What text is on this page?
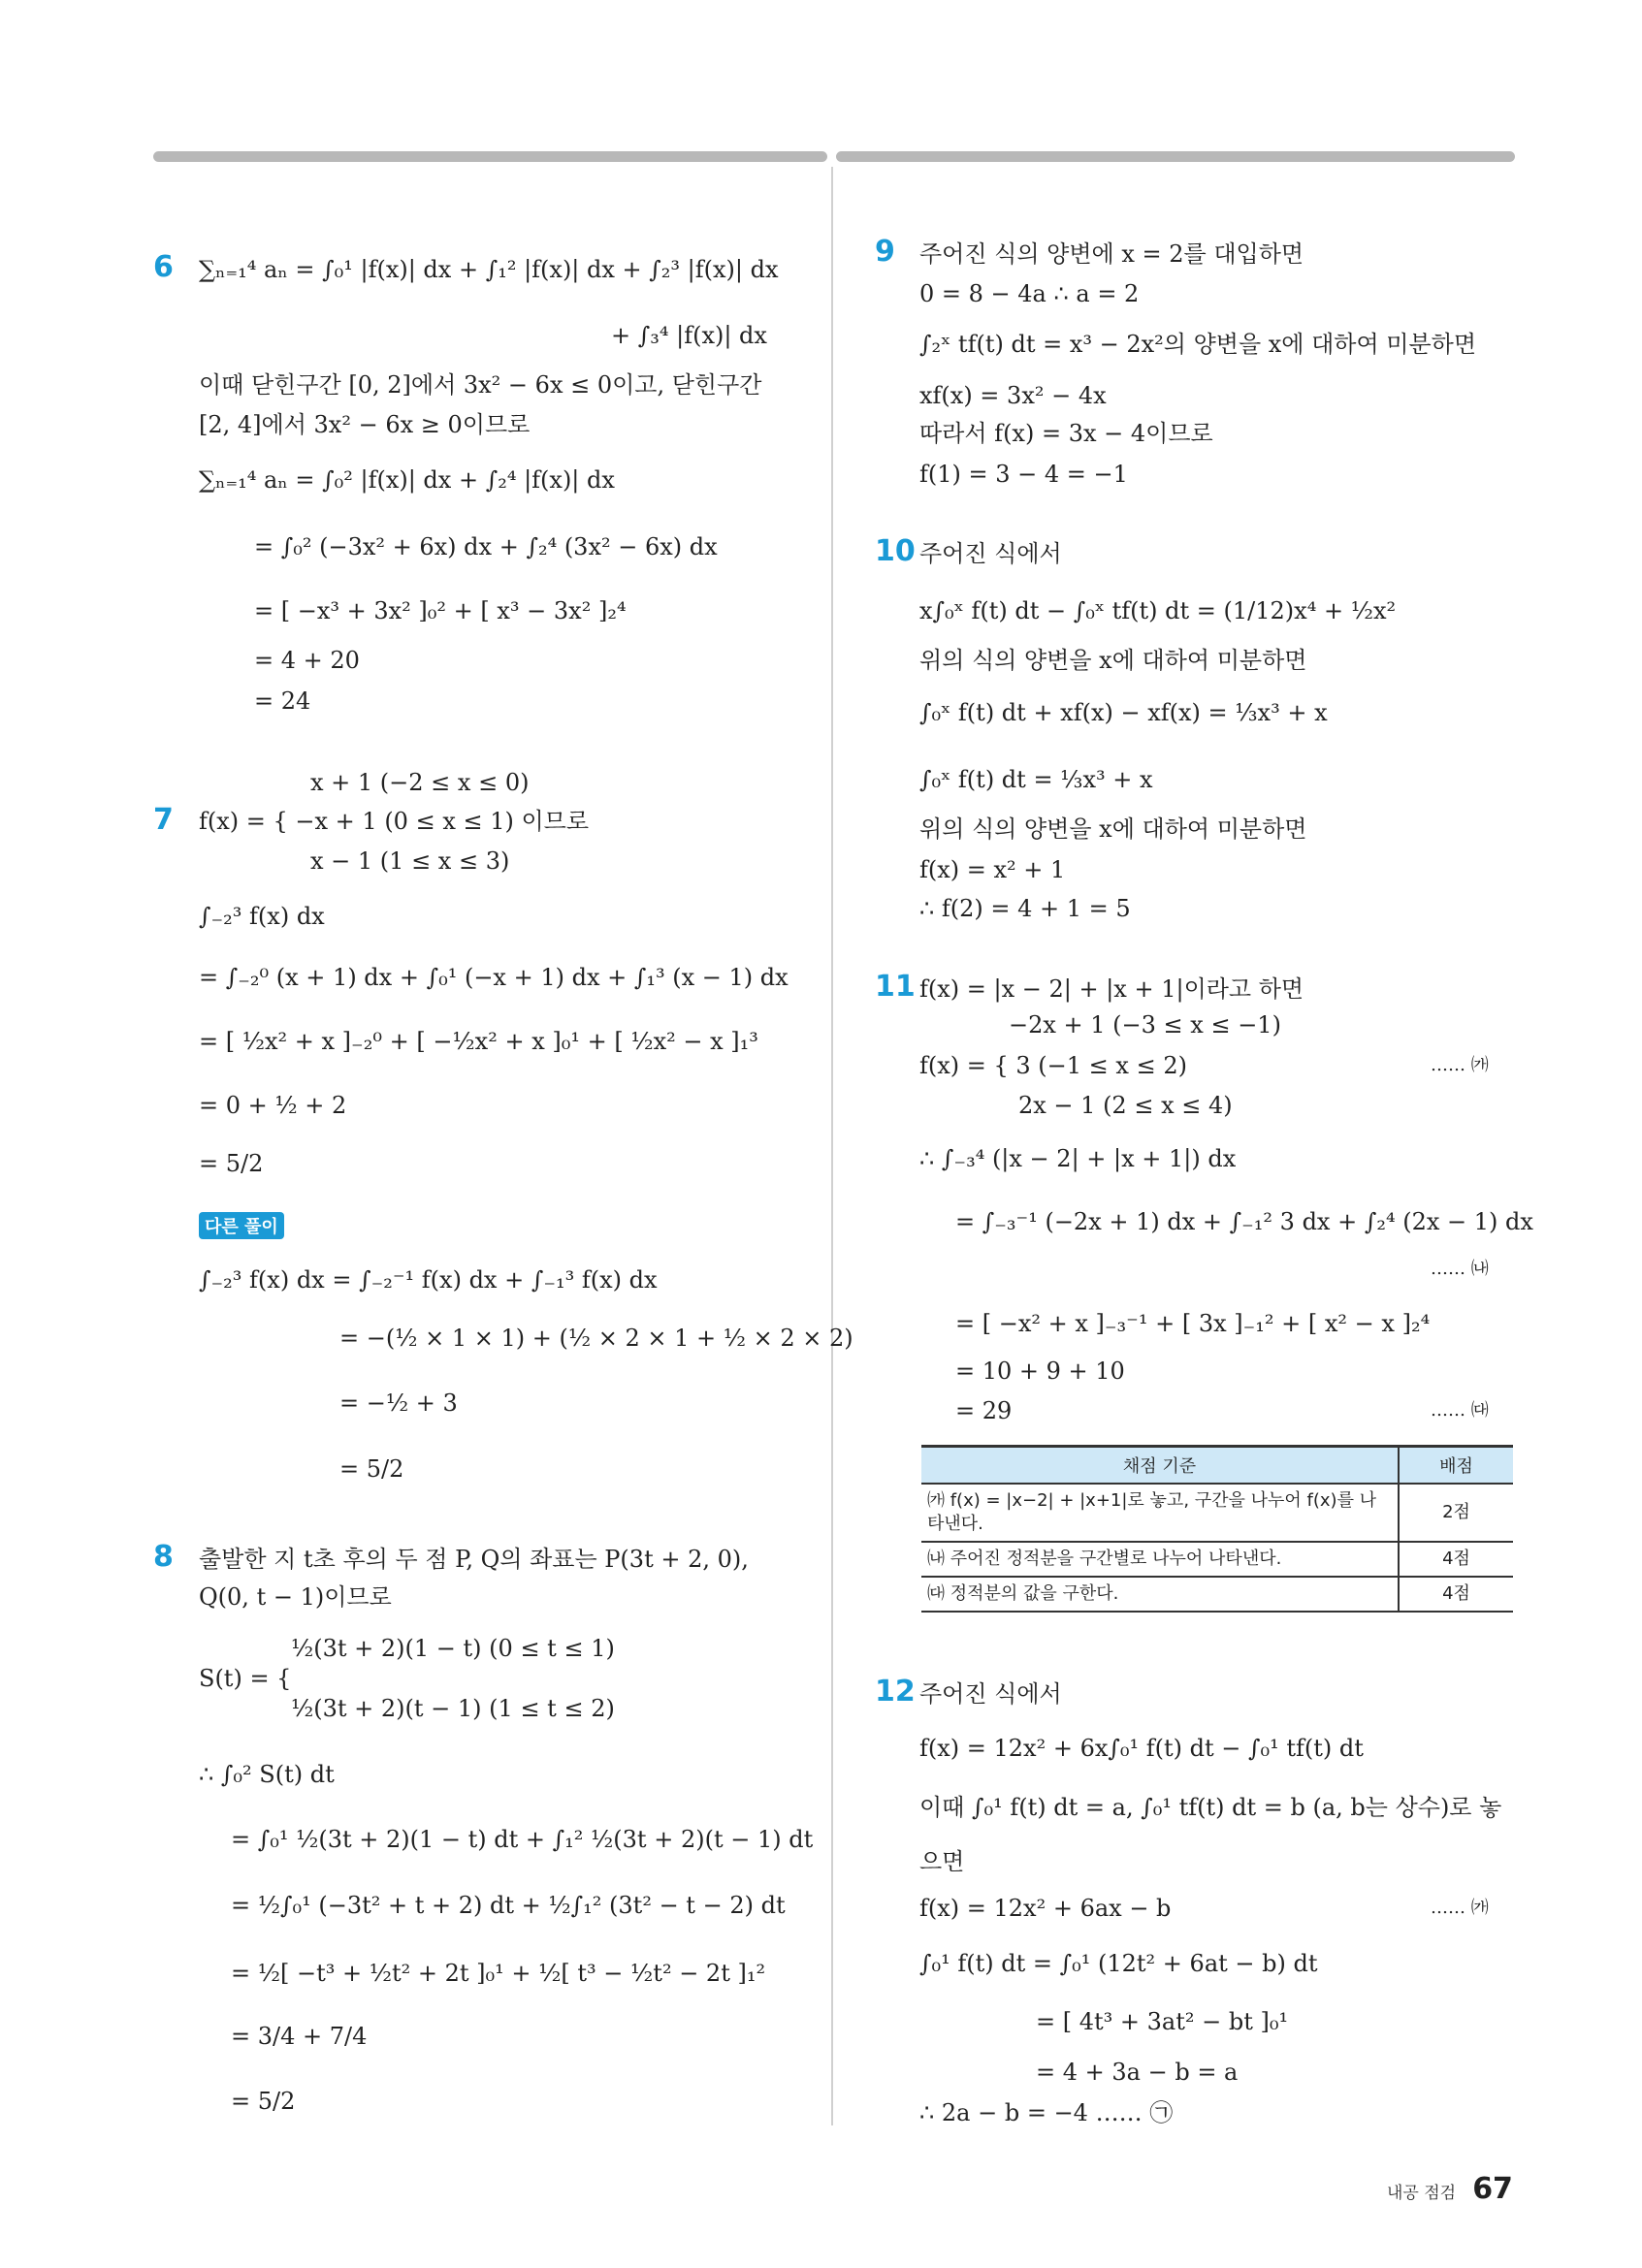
6 ∑ₙ₌₁⁴ aₙ = ∫₀¹ |f(x)| dx + ∫₁² |f(x)| dx + ∫₂³ |f(x)| dx
+ ∫₃⁴ |f(x)| dx
이때 닫힌구간 [0, 2]에서 3x² − 6x ≤ 0이고, 닫힌구간
[2, 4]에서 3x² − 6x ≥ 0이므로
∑ₙ₌₁⁴ aₙ = ∫₀² |f(x)| dx + ∫₂⁴ |f(x)| dx
= ∫₀² (−3x² + 6x) dx + ∫₂⁴ (3x² − 6x) dx
= [ −x³ + 3x² ]₀² + [ x³ − 3x² ]₂⁴
= 4 + 20
= 24
7
x + 1 (−2 ≤ x ≤ 0)
f(x) = { −x + 1 (0 ≤ x ≤ 1) 이므로
x − 1 (1 ≤ x ≤ 3)
∫₋₂³ f(x) dx
= ∫₋₂⁰ (x + 1) dx + ∫₀¹ (−x + 1) dx + ∫₁³ (x − 1) dx
= [ ½x² + x ]₋₂⁰ + [ −½x² + x ]₀¹ + [ ½x² − x ]₁³
= 0 + ½ + 2
= 5/2
다른 풀이
∫₋₂³ f(x) dx = ∫₋₂⁻¹ f(x) dx + ∫₋₁³ f(x) dx
= −(½ × 1 × 1) + (½ × 2 × 1 + ½ × 2 × 2)
= −½ + 3
= 5/2
8 출발한 지 t초 후의 두 점 P, Q의 좌표는 P(3t + 2, 0),
Q(0, t − 1)이므로
½(3t + 2)(1 − t) (0 ≤ t ≤ 1)
S(t) = {
½(3t + 2)(t − 1) (1 ≤ t ≤ 2)
∴ ∫₀² S(t) dt
= ∫₀¹ ½(3t + 2)(1 − t) dt + ∫₁² ½(3t + 2)(t − 1) dt
= ½∫₀¹ (−3t² + t + 2) dt + ½∫₁² (3t² − t − 2) dt
= ½[ −t³ + ½t² + 2t ]₀¹ + ½[ t³ − ½t² − 2t ]₁²
= 3/4 + 7/4
= 5/2
9 주어진 식의 양변에 x = 2를 대입하면
0 = 8 − 4a ∴ a = 2
∫₂ˣ tf(t) dt = x³ − 2x²의 양변을 x에 대하여 미분하면
xf(x) = 3x² − 4x
따라서 f(x) = 3x − 4이므로
f(1) = 3 − 4 = −1
10 주어진 식에서
x∫₀ˣ f(t) dt − ∫₀ˣ tf(t) dt = (1/12)x⁴ + ½x²
위의 식의 양변을 x에 대하여 미분하면
∫₀ˣ f(t) dt + xf(x) − xf(x) = ⅓x³ + x
∫₀ˣ f(t) dt = ⅓x³ + x
위의 식의 양변을 x에 대하여 미분하면
f(x) = x² + 1
∴ f(2) = 4 + 1 = 5
11 f(x) = |x − 2| + |x + 1|이라고 하면
−2x + 1 (−3 ≤ x ≤ −1)
f(x) = { 3 (−1 ≤ x ≤ 2)
2x − 1 (2 ≤ x ≤ 4)
∴ ∫₋₃⁴ (|x − 2| + |x + 1|) dx
= ∫₋₃⁻¹ (−2x + 1) dx + ∫₋₁² 3 dx + ∫₂⁴ (2x − 1) dx
= [ −x² + x ]₋₃⁻¹ + [ 3x ]₋₁² + [ x² − x ]₂⁴
= 10 + 9 + 10
= 29
…… ㈎
…… ㈏
…… ㈐
채점 기준	배점
㈎ f(x) = |x−2| + |x+1|로 놓고, 구간을 나누어 f(x)를 나타낸다.	2점
㈏ 주어진 정적분을 구간별로 나누어 나타낸다.	4점
㈐ 정적분의 값을 구한다.	4점
12 주어진 식에서
f(x) = 12x² + 6x∫₀¹ f(t) dt − ∫₀¹ tf(t) dt
이때 ∫₀¹ f(t) dt = a, ∫₀¹ tf(t) dt = b (a, b는 상수)로 놓
으면
f(x) = 12x² + 6ax − b
∫₀¹ f(t) dt = ∫₀¹ (12t² + 6at − b) dt
= [ 4t³ + 3at² − bt ]₀¹
= 4 + 3a − b = a
∴ 2a − b = −4 …… ㉠
…… ㈎
내공 점검 67
